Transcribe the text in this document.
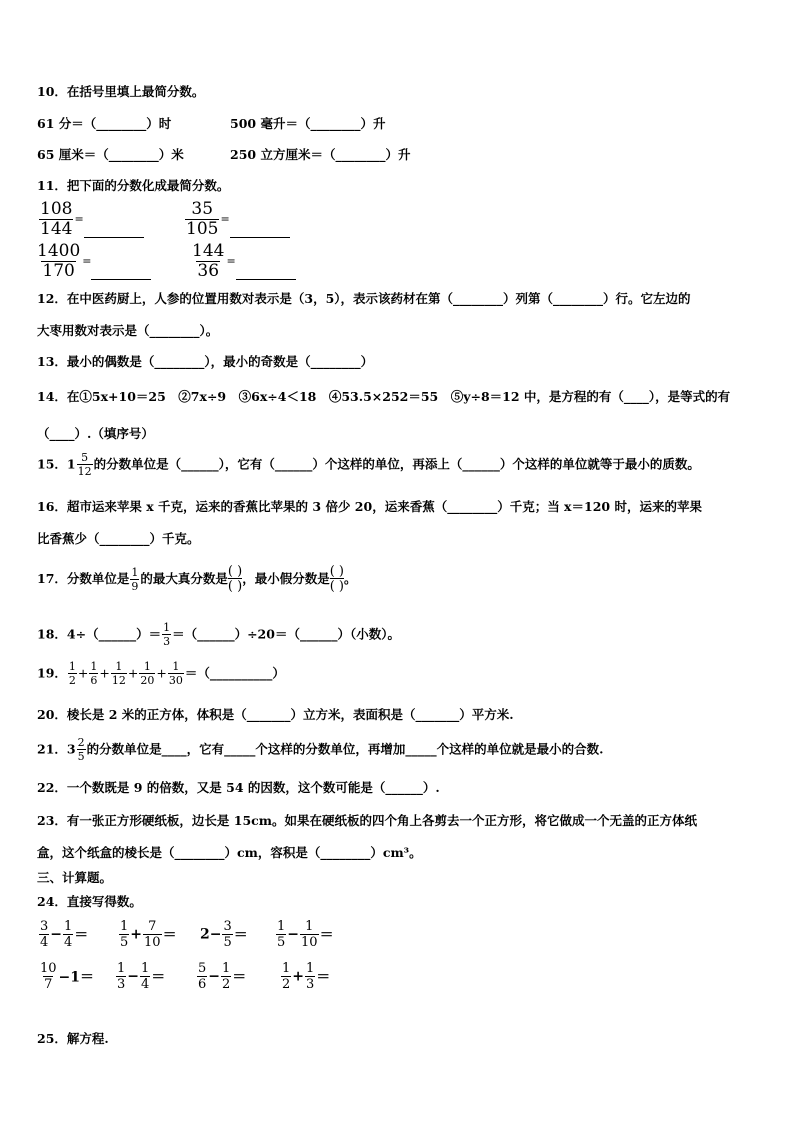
10．在括号里填上最简分数。
61 分＝（________）时	500 毫升＝（________）升
65 厘米＝（________）米	250 立方厘米＝（________）升
11．把下面的分数化成最简分数。
$\frac{108}{144}$ =	$\frac{35}{105}$ =
$\frac{1400}{170}$ =	$\frac{144}{36}$ =
12．在中医药厨上，人参的位置用数对表示是（3，5），表示该药材在第（________）列第（________）行。它左边的
大枣用数对表示是（________）。
13．最小的偶数是（________），最小的奇数是（________）
14．在①5x+10＝25　②7x÷9　③6x÷4＜18　④53.5×252＝55　⑤y÷8＝12 中，是方程的有（____），是等式的有
（____）.（填序号）
15．$1 \frac{5}{12}$ 的分数单位是（______），它有（______）个这样的单位，再添上（______）个这样的单位就等于最小的质数。
16．超市运来苹果 x 千克，运来的香蕉比苹果的 3 倍少 20，运来香蕉（________）千克；当 x＝120 时，运来的苹果
比香蕉少（________）千克。
17．分数单位是 $\frac{1}{9}$ 的最大真分数是 $\frac{( )}{( )}$ ，最小假分数是 $\frac{( )}{( )}$ 。
18．4÷（______）＝ $\frac{1}{3}$ ＝（______）÷20＝（______）（小数）。
19． $\frac{1}{2} + \frac{1}{6} + \frac{1}{12} + \frac{1}{20} + \frac{1}{30}$ ＝（__________）
20．棱长是 2 米的正方体，体积是（_______）立方米，表面积是（_______）平方米.
21．$3 \frac{2}{5}$ 的分数单位是____，它有_____个这样的分数单位，再增加_____个这样的单位就是最小的合数.
22．一个数既是 9 的倍数，又是 54 的因数，这个数可能是（______）.
23．有一张正方形硬纸板，边长是 15cm。如果在硬纸板的四个角上各剪去一个正方形，将它做成一个无盖的正方体纸
盒，这个纸盒的棱长是（________）cm，容积是（________）cm³。
三、计算题。
24．直接写得数。
$\frac{3}{4} - \frac{1}{4} = \frac{1}{5} + \frac{7}{10} = 2- \frac{3}{5} = \frac{1}{5} - \frac{1}{10}$ ＝
$\frac{10}{7} -1= \frac{1}{3} - \frac{1}{4} = \frac{5}{6} - \frac{1}{2}$ ＝	$\frac{1}{2} + \frac{1}{3}$ ＝
25．解方程.
